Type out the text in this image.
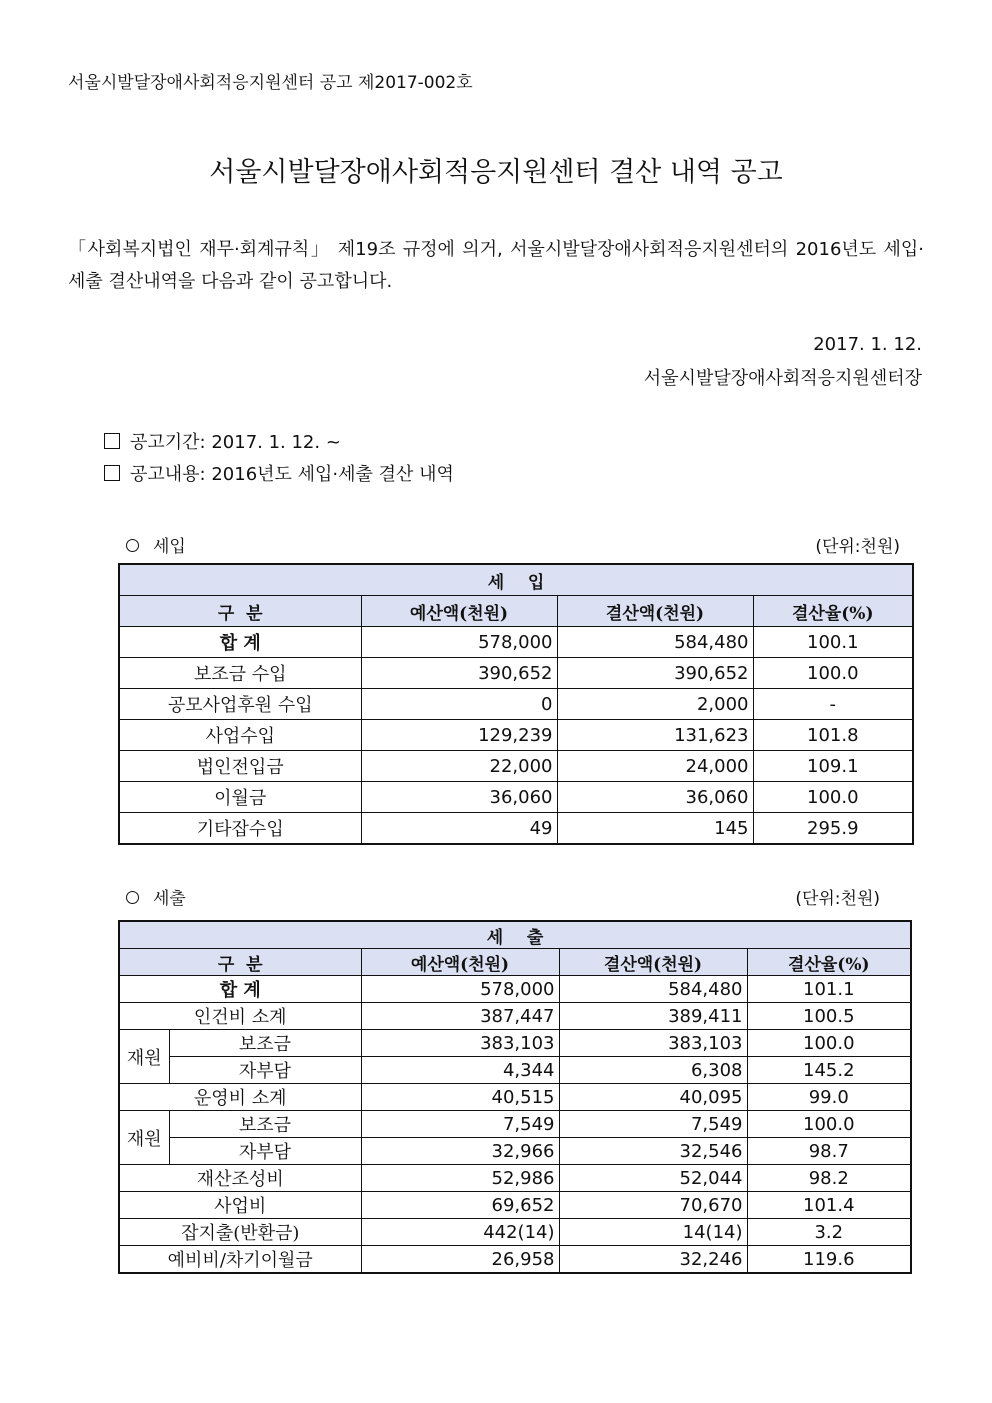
서울시발달장애사회적응지원센터 공고 제2017-002호
서울시발달장애사회적응지원센터 결산 내역 공고
「사회복지법인 재무·회계규칙」 제19조 규정에 의거, 서울시발달장애사회적응지원센터의 2016년도 세입·세출 결산내역을 다음과 같이 공고합니다.
2017. 1. 12.
서울시발달장애사회적응지원센터장
공고기간: 2017. 1. 12. ~
공고내용: 2016년도 세입·세출 결산 내역
세입	(단위:천원)
세    입			
구  분	예산액(천원)	결산액(천원)	결산율(%)
합 계	578,000	584,480	100.1
보조금 수입	390,652	390,652	100.0
공모사업후원 수입	0	2,000	-
사업수입	129,239	131,623	101.8
법인전입금	22,000	24,000	109.1
이월금	36,060	36,060	100.0
기타잡수입	49	145	295.9
세출	(단위:천원)
세    출				
구  분		예산액(천원)	결산액(천원)	결산율(%)
합 계		578,000	584,480	101.1
인건비 소계		387,447	389,411	100.5
재원	보조금	383,103	383,103	100.0
	자부담	4,344	6,308	145.2
운영비 소계		40,515	40,095	99.0
재원	보조금	7,549	7,549	100.0
	자부담	32,966	32,546	98.7
재산조성비		52,986	52,044	98.2
사업비		69,652	70,670	101.4
잡지출(반환금)		442(14)	14(14)	3.2
예비비/차기이월금		26,958	32,246	119.6
